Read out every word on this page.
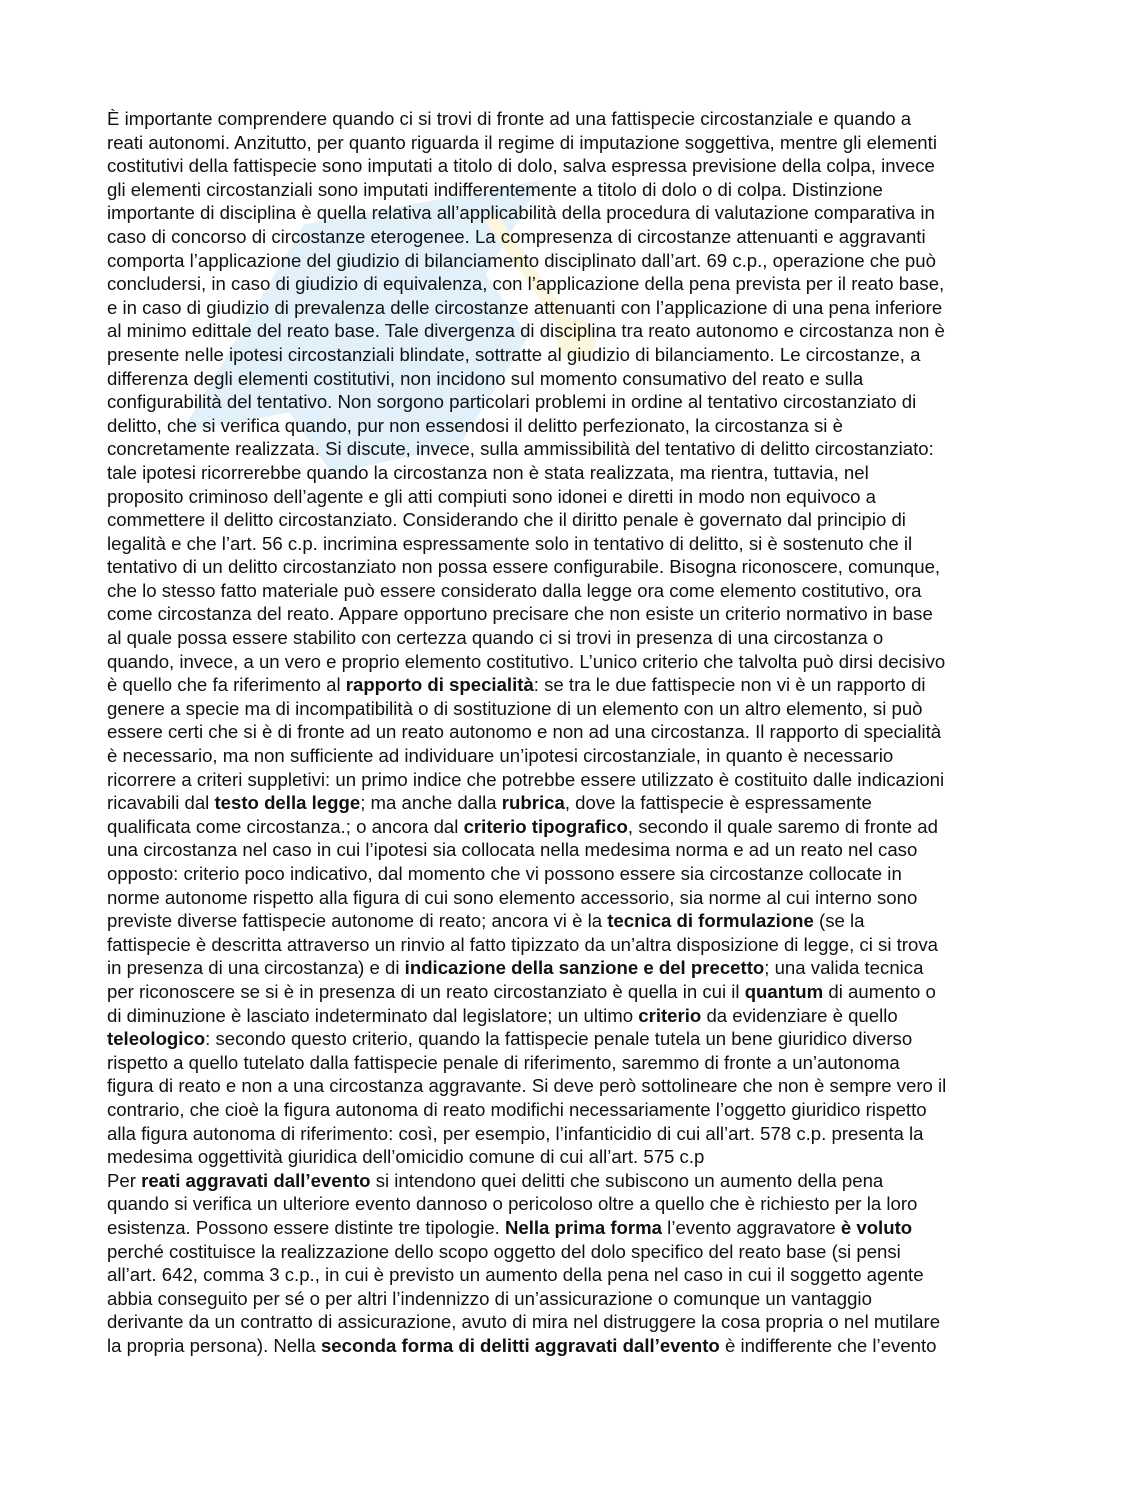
È importante comprendere quando ci si trovi di fronte ad una fattispecie circostanziale e quando a
reati autonomi. Anzitutto, per quanto riguarda il regime di imputazione soggettiva, mentre gli elementi
costitutivi della fattispecie sono imputati a titolo di dolo, salva espressa previsione della colpa, invece
gli elementi circostanziali sono imputati indifferentemente a titolo di dolo o di colpa. Distinzione
importante di disciplina è quella relativa all’applicabilità della procedura di valutazione comparativa in
caso di concorso di circostanze eterogenee. La compresenza di circostanze attenuanti e aggravanti
comporta l’applicazione del giudizio di bilanciamento disciplinato dall’art. 69 c.p., operazione che può
concludersi, in caso di giudizio di equivalenza, con l’applicazione della pena prevista per il reato base,
e in caso di giudizio di prevalenza delle circostanze attenuanti con l’applicazione di una pena inferiore
al minimo edittale del reato base. Tale divergenza di disciplina tra reato autonomo e circostanza non è
presente nelle ipotesi circostanziali blindate, sottratte al giudizio di bilanciamento. Le circostanze, a
differenza degli elementi costitutivi, non incidono sul momento consumativo del reato e sulla
configurabilità del tentativo. Non sorgono particolari problemi in ordine al tentativo circostanziato di
delitto, che si verifica quando, pur non essendosi il delitto perfezionato, la circostanza si è
concretamente realizzata. Si discute, invece, sulla ammissibilità del tentativo di delitto circostanziato:
tale ipotesi ricorrerebbe quando la circostanza non è stata realizzata, ma rientra, tuttavia, nel
proposito criminoso dell’agente e gli atti compiuti sono idonei e diretti in modo non equivoco a
commettere il delitto circostanziato. Considerando che il diritto penale è governato dal principio di
legalità e che l’art. 56 c.p. incrimina espressamente solo in tentativo di delitto, si è sostenuto che il
tentativo di un delitto circostanziato non possa essere configurabile. Bisogna riconoscere, comunque,
che lo stesso fatto materiale può essere considerato dalla legge ora come elemento costitutivo, ora
come circostanza del reato. Appare opportuno precisare che non esiste un criterio normativo in base
al quale possa essere stabilito con certezza quando ci si trovi in presenza di una circostanza o
quando, invece, a un vero e proprio elemento costitutivo. L’unico criterio che talvolta può dirsi decisivo
è quello che fa riferimento al rapporto di specialità: se tra le due fattispecie non vi è un rapporto di
genere a specie ma di incompatibilità o di sostituzione di un elemento con un altro elemento, si può
essere certi che si è di fronte ad un reato autonomo e non ad una circostanza. Il rapporto di specialità
è necessario, ma non sufficiente ad individuare un’ipotesi circostanziale, in quanto è necessario
ricorrere a criteri suppletivi: un primo indice che potrebbe essere utilizzato è costituito dalle indicazioni
ricavabili dal testo della legge; ma anche dalla rubrica, dove la fattispecie è espressamente
qualificata come circostanza.; o ancora dal criterio tipografico, secondo il quale saremo di fronte ad
una circostanza nel caso in cui l’ipotesi sia collocata nella medesima norma e ad un reato nel caso
opposto: criterio poco indicativo, dal momento che vi possono essere sia circostanze collocate in
norme autonome rispetto alla figura di cui sono elemento accessorio, sia norme al cui interno sono
previste diverse fattispecie autonome di reato; ancora vi è la tecnica di formulazione (se la
fattispecie è descritta attraverso un rinvio al fatto tipizzato da un’altra disposizione di legge, ci si trova
in presenza di una circostanza) e di indicazione della sanzione e del precetto; una valida tecnica
per riconoscere se si è in presenza di un reato circostanziato è quella in cui il quantum di aumento o
di diminuzione è lasciato indeterminato dal legislatore; un ultimo criterio da evidenziare è quello
teleologico: secondo questo criterio, quando la fattispecie penale tutela un bene giuridico diverso
rispetto a quello tutelato dalla fattispecie penale di riferimento, saremmo di fronte a un’autonoma
figura di reato e non a una circostanza aggravante. Si deve però sottolineare che non è sempre vero il
contrario, che cioè la figura autonoma di reato modifichi necessariamente l’oggetto giuridico rispetto
alla figura autonoma di riferimento: così, per esempio, l’infanticidio di cui all’art. 578 c.p. presenta la
medesima oggettività giuridica dell’omicidio comune di cui all’art. 575 c.p
Per reati aggravati dall’evento si intendono quei delitti che subiscono un aumento della pena
quando si verifica un ulteriore evento dannoso o pericoloso oltre a quello che è richiesto per la loro
esistenza. Possono essere distinte tre tipologie. Nella prima forma l’evento aggravatore è voluto
perché costituisce la realizzazione dello scopo oggetto del dolo specifico del reato base (si pensi
all’art. 642, comma 3 c.p., in cui è previsto un aumento della pena nel caso in cui il soggetto agente
abbia conseguito per sé o per altri l’indennizzo di un’assicurazione o comunque un vantaggio
derivante da un contratto di assicurazione, avuto di mira nel distruggere la cosa propria o nel mutilare
la propria persona). Nella seconda forma di delitti aggravati dall’evento è indifferente che l’evento
